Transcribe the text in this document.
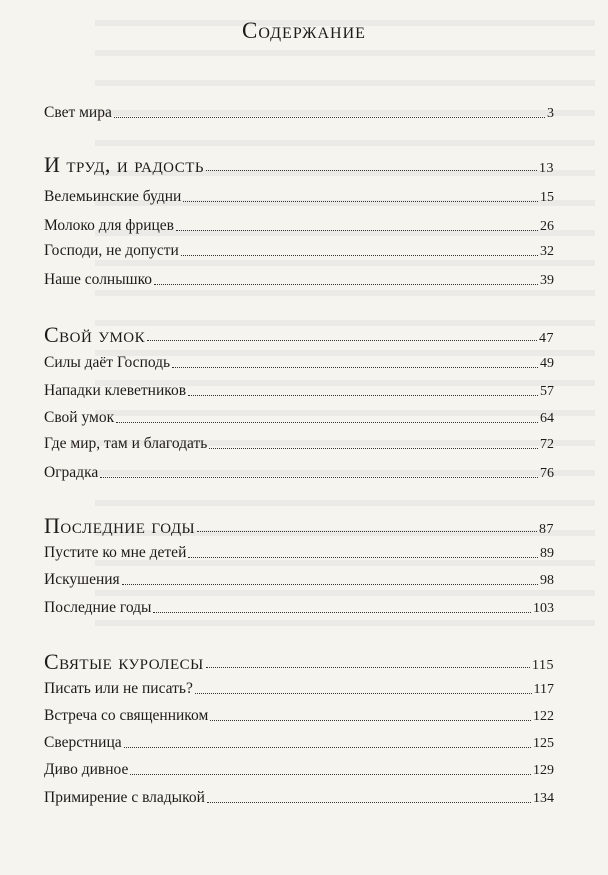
Содержание
Свет мира	3
И труд, и радость	13
Велемьинские будни	15
Молоко для фрицев	26
Господи, не допусти	32
Наше солнышко	39
Свой умок	47
Силы даёт Господь	49
Нападки клеветников	57
Свой умок	64
Где мир, там и благодать	72
Оградка	76
Последние годы	87
Пустите ко мне детей	89
Искушения	98
Последние годы	103
Святые куролесы	115
Писать или не писать?	117
Встреча со священником	122
Сверстница	125
Диво дивное	129
Примирение с владыкой	134
